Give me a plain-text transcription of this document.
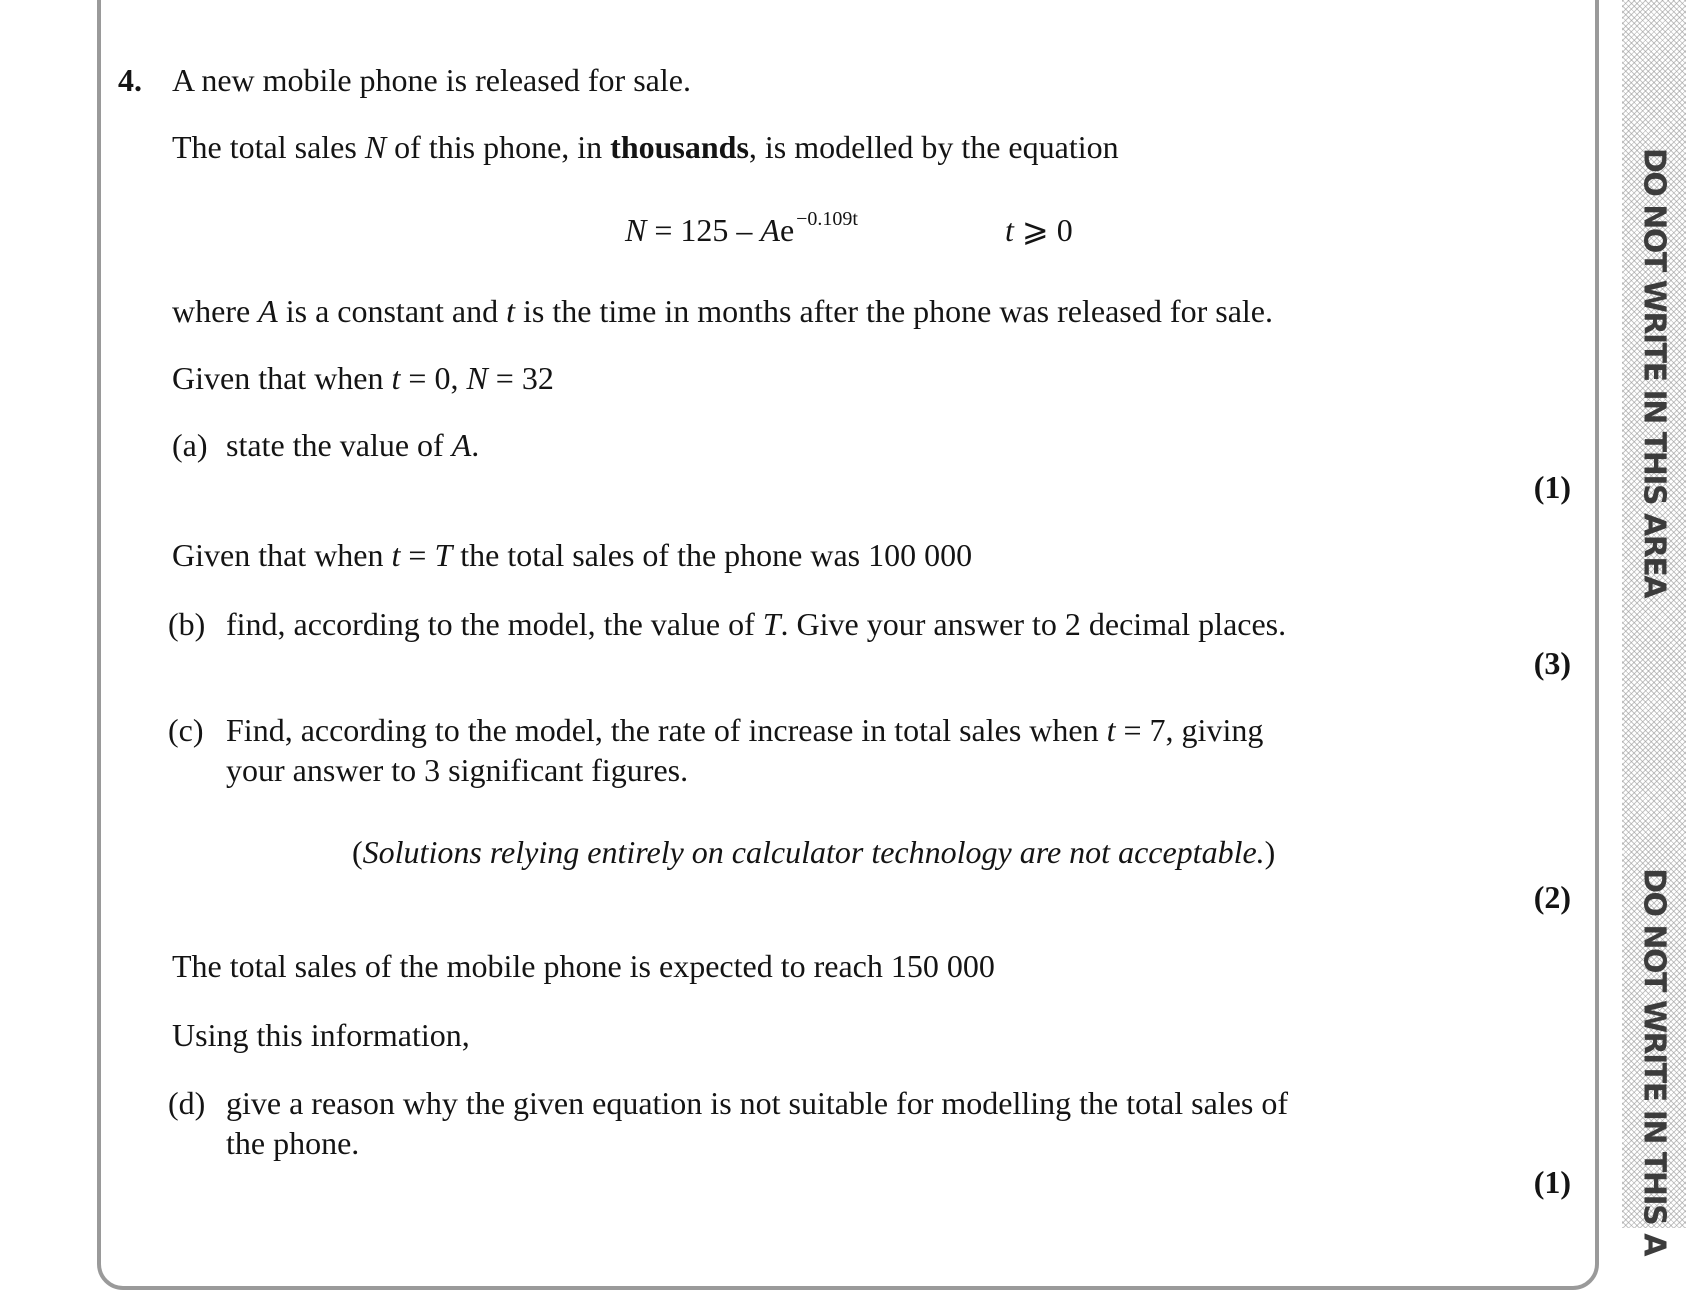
4. A new mobile phone is released for sale.
The total sales N of this phone, in thousands, is modelled by the equation
N = 125 – Ae $^{-0.109t}$	t ⩾ 0
where A is a constant and t is the time in months after the phone was released for sale.
Given that when t = 0, N = 32
(a) state the value of A.
(1)
Given that when t = T the total sales of the phone was 100 000
(b) find, according to the model, the value of T. Give your answer to 2 decimal places.
(3)
(c) Find, according to the model, the rate of increase in total sales when t = 7, giving
your answer to 3 significant figures.
(Solutions relying entirely on calculator technology are not acceptable.)
(2)
The total sales of the mobile phone is expected to reach 150 000
Using this information,
(d) give a reason why the given equation is not suitable for modelling the total sales of
the phone.
(1)
DO NOT WRITE IN THIS AREA
DO NOT WRITE IN THIS A
